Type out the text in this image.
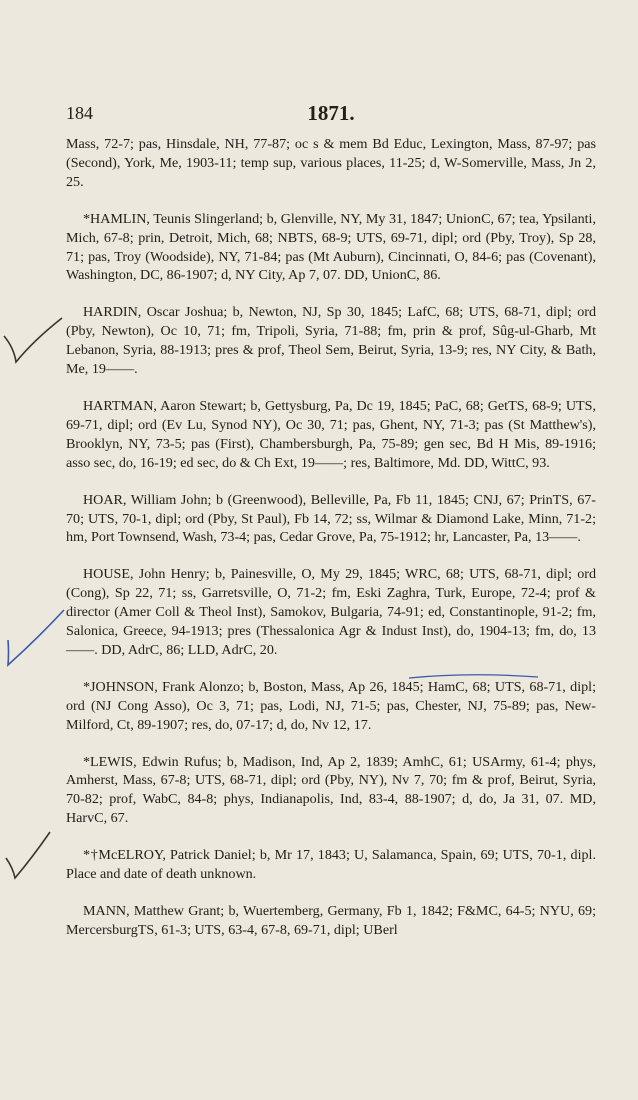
184	1871.

Mass, 72-7; pas, Hinsdale, NH, 77-87; oc s & mem Bd Educ, Lexington, Mass, 87-97; pas (Second), York, Me, 1903-11; temp sup, various places, 11-25; d, W-Somerville, Mass, Jn 2, 25.

*HAMLIN, Teunis Slingerland; b, Glenville, NY, My 31, 1847; UnionC, 67; tea, Ypsilanti, Mich, 67-8; prin, Detroit, Mich, 68; NBTS, 68-9; UTS, 69-71, dipl; ord (Pby, Troy), Sp 28, 71; pas, Troy (Woodside), NY, 71-84; pas (Mt Auburn), Cincinnati, O, 84-6; pas (Covenant), Washington, DC, 86-1907; d, NY City, Ap 7, 07. DD, UnionC, 86.

HARDIN, Oscar Joshua; b, Newton, NJ, Sp 30, 1845; LafC, 68; UTS, 68-71, dipl; ord (Pby, Newton), Oc 10, 71; fm, Tripoli, Syria, 71-88; fm, prin & prof, Sûg-ul-Gharb, Mt Lebanon, Syria, 88-1913; pres & prof, Theol Sem, Beirut, Syria, 13-9; res, NY City, & Bath, Me, 19——.

HARTMAN, Aaron Stewart; b, Gettysburg, Pa, Dc 19, 1845; PaC, 68; GetTS, 68-9; UTS, 69-71, dipl; ord (Ev Lu, Synod NY), Oc 30, 71; pas, Ghent, NY, 71-3; pas (St Matthew's), Brooklyn, NY, 73-5; pas (First), Chambersburgh, Pa, 75-89; gen sec, Bd H Mis, 89-1916; asso sec, do, 16-19; ed sec, do & Ch Ext, 19——; res, Baltimore, Md. DD, WittC, 93.

HOAR, William John; b (Greenwood), Belleville, Pa, Fb 11, 1845; CNJ, 67; PrinTS, 67-70; UTS, 70-1, dipl; ord (Pby, St Paul), Fb 14, 72; ss, Wilmar & Diamond Lake, Minn, 71-2; hm, Port Townsend, Wash, 73-4; pas, Cedar Grove, Pa, 75-1912; hr, Lancaster, Pa, 13——.

HOUSE, John Henry; b, Painesville, O, My 29, 1845; WRC, 68; UTS, 68-71, dipl; ord (Cong), Sp 22, 71; ss, Garretsville, O, 71-2; fm, Eski Zaghra, Turk, Europe, 72-4; prof & director (Amer Coll & Theol Inst), Samokov, Bulgaria, 74-91; ed, Constantinople, 91-2; fm, Salonica, Greece, 94-1913; pres (Thessalonica Agr & Indust Inst), do, 1904-13; fm, do, 13——. DD, AdrC, 86; LLD, AdrC, 20.

*JOHNSON, Frank Alonzo; b, Boston, Mass, Ap 26, 1845; HamC, 68; UTS, 68-71, dipl; ord (NJ Cong Asso), Oc 3, 71; pas, Lodi, NJ, 71-5; pas, Chester, NJ, 75-89; pas, New-Milford, Ct, 89-1907; res, do, 07-17; d, do, Nv 12, 17.

*LEWIS, Edwin Rufus; b, Madison, Ind, Ap 2, 1839; AmhC, 61; USArmy, 61-4; phys, Amherst, Mass, 67-8; UTS, 68-71, dipl; ord (Pby, NY), Nv 7, 70; fm & prof, Beirut, Syria, 70-82; prof, WabC, 84-8; phys, Indianapolis, Ind, 83-4, 88-1907; d, do, Ja 31, 07. MD, HarvC, 67.

*†McELROY, Patrick Daniel; b, Mr 17, 1843; U, Salamanca, Spain, 69; UTS, 70-1, dipl. Place and date of death unknown.

MANN, Matthew Grant; b, Wuertemberg, Germany, Fb 1, 1842; F&MC, 64-5; NYU, 69; MercersburgTS, 61-3; UTS, 63-4, 67-8, 69-71, dipl; UBerl
